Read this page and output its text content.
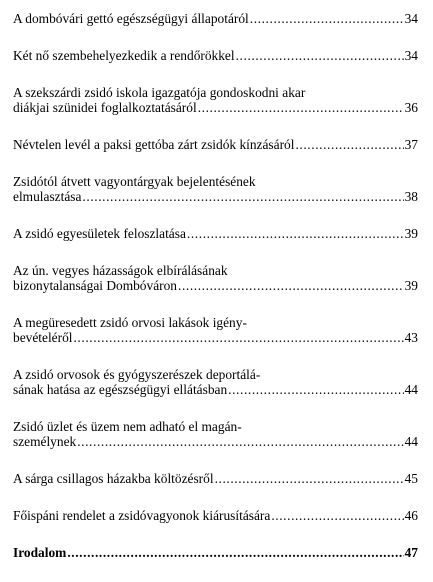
A dombóvári gettó egészségügyi állapotáról .....	34
Két nő szembehelyezkedik a rendőrökkel .....	34
A szekszárdi zsidó iskola igazgatója gondoskodni akar
diákjai szünidei foglalkoztatásáról .....	36
Névtelen levél a paksi gettóba zárt zsidók kínzásáról .....	37
Zsidótól átvett vagyontárgyak bejelentésének
elmulasztása .....	38
A zsidó egyesületek feloszlatása .....	39
Az ún. vegyes házasságok elbírálásának
bizonytalanságai Dombóváron .....	39
A megüresedett zsidó orvosi lakások igény-
bevételéről .....	43
A zsidó orvosok és gyógyszerészek deportálá-
sának hatása az egészségügyi ellátásban .....	44
Zsidó üzlet és üzem nem adható el magán-
személynek .....	44
A sárga csillagos házakba költözésről .....	45
Főispáni rendelet a zsidóvagyonok kiárusítására .....	46
Irodalom .....	47
